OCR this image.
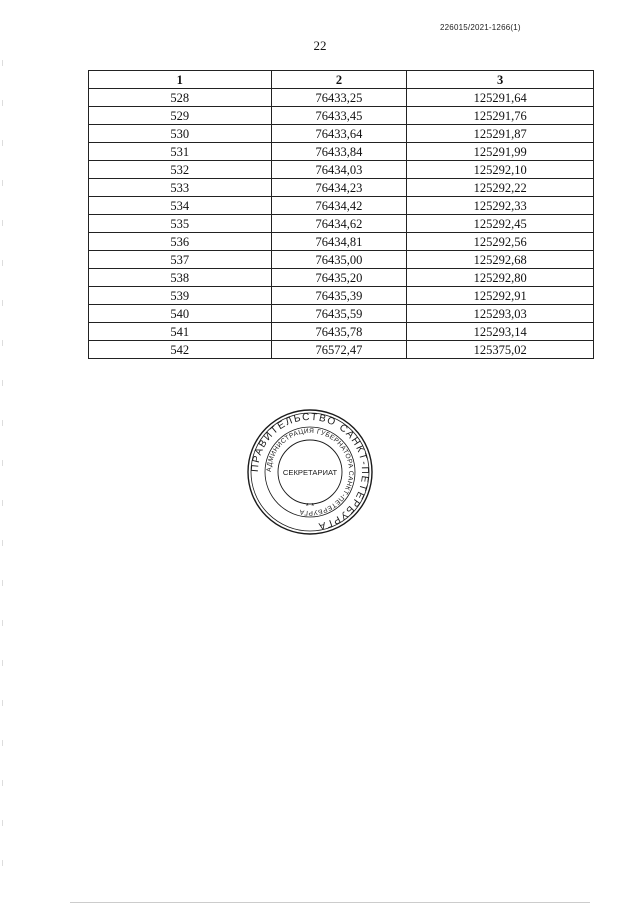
226015/2021-1266(1)
22
1	2	3
528	76433,25	125291,64
529	76433,45	125291,76
530	76433,64	125291,87
531	76433,84	125291,99
532	76434,03	125292,10
533	76434,23	125292,22
534	76434,42	125292,33
535	76434,62	125292,45
536	76434,81	125292,56
537	76435,00	125292,68
538	76435,20	125292,80
539	76435,39	125292,91
540	76435,59	125293,03
541	76435,78	125293,14
542	76572,47	125375,02
ПРАВИТЕЛЬСТВО САНКТ-ПЕТЕРБУРГА
АДМИНИСТРАЦИЯ ГУБЕРНАТОРА САНКТ-ПЕТЕРБУРГА
СЕКРЕТАРИАТ
* *
